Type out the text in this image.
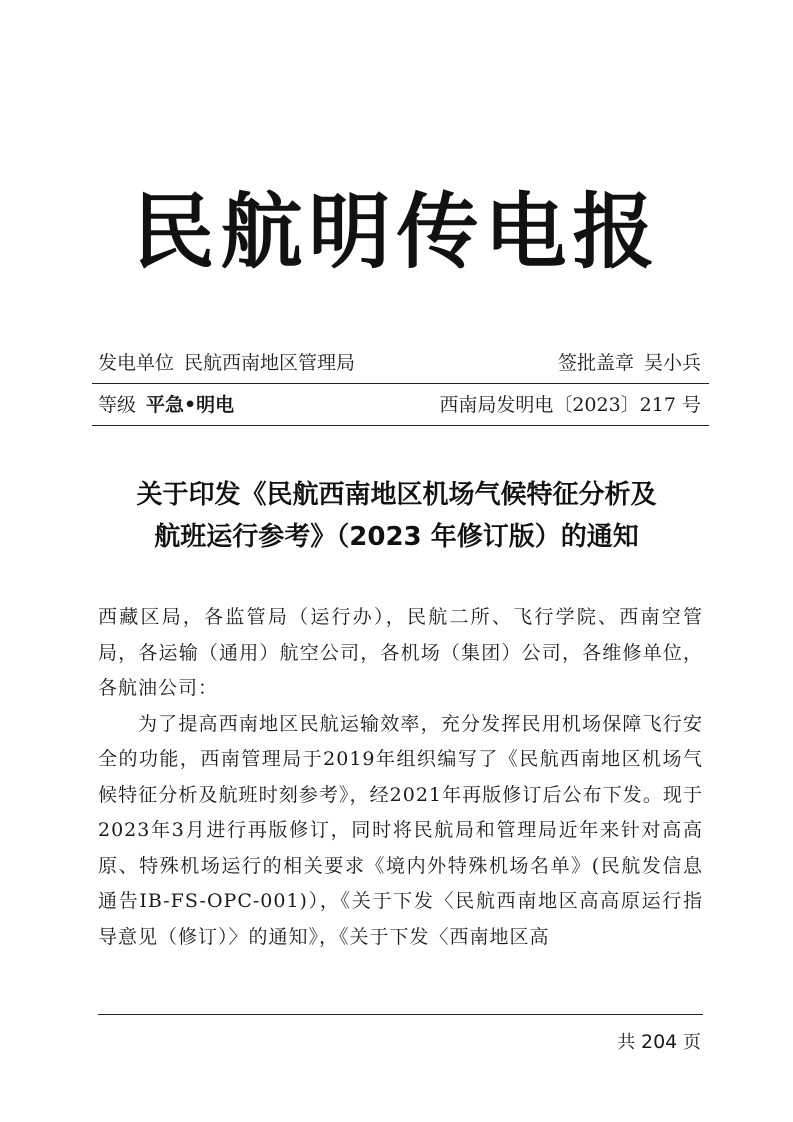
民航明传电报
发电单位 民航西南地区管理局	签批盖章 吴小兵
等级 平急•明电	西南局发明电〔2023〕217 号
关于印发《民航西南地区机场气候特征分析及
航班运行参考》（2023 年修订版）的通知

西藏区局，各监管局（运行办），民航二所、飞行学院、西南空管局，各运输（通用）航空公司，各机场（集团）公司，各维修单位，各航油公司：

为了提高西南地区民航运输效率，充分发挥民用机场保障飞行安全的功能，西南管理局于2019年组织编写了《民航西南地区机场气候特征分析及航班时刻参考》，经2021年再版修订后公布下发。现于2023年3月进行再版修订，同时将民航局和管理局近年来针对高高原、特殊机场运行的相关要求《境内外特殊机场名单》(民航发信息通告IB-FS-OPC-001)），《关于下发〈民航西南地区高高原运行指导意见（修订）〉的通知》，《关于下发〈西南地区高

共 204 页
